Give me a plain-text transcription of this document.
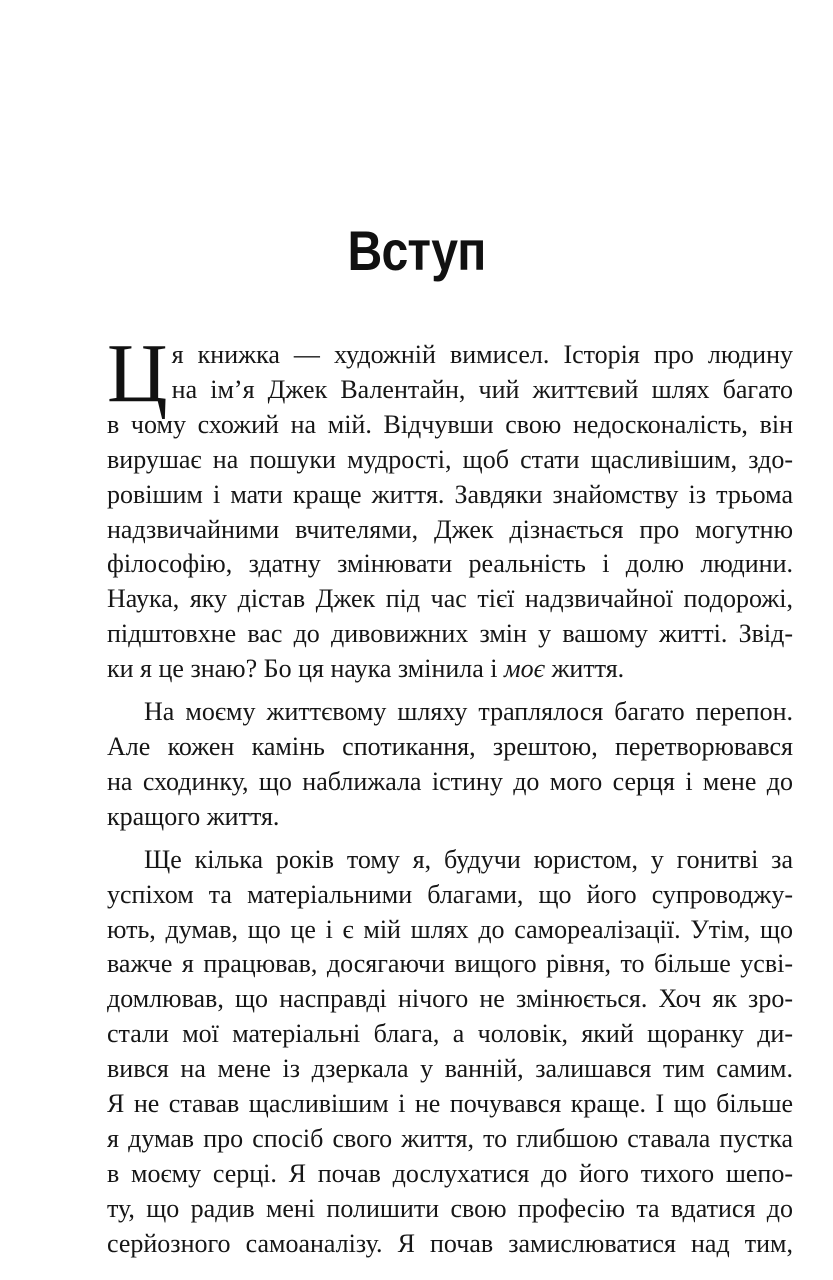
Вступ
Ц я книжка — художній вимисел. Історія про людину
на ім’я Джек Валентайн, чий життєвий шлях багато
в чому схожий на мій. Відчувши свою недосконалість, він
вирушає на пошуки мудрості, щоб стати щасливішим, здо-
ровішим і мати краще життя. Завдяки знайомству із трьома
надзвичайними вчителями, Джек дізнається про могутню
філософію, здатну змінювати реальність і долю людини.
Наука, яку дістав Джек під час тієї надзвичайної подорожі,
підштовхне вас до дивовижних змін у вашому житті. Звід-
ки я це знаю? Бо ця наука змінила і моє життя.
На моєму життєвому шляху траплялося багато перепон.
Але кожен камінь спотикання, зрештою, перетворювався
на сходинку, що наближала істину до мого серця і мене до
кращого життя.
Ще кілька років тому я, будучи юристом, у гонитві за
успіхом та матеріальними благами, що його супроводжу-
ють, думав, що це і є мій шлях до самореалізації. Утім, що
важче я працював, досягаючи вищого рівня, то більше усві-
домлював, що насправді нічого не змінюється. Хоч як зро-
стали мої матеріальні блага, а чоловік, який щоранку ди-
вився на мене із дзеркала у ванній, залишався тим самим.
Я не ставав щасливішим і не почувався краще. І що більше
я думав про спосіб свого життя, то глибшою ставала пустка
в моєму серці. Я почав дослухатися до його тихого шепо-
ту, що радив мені полишити свою професію та вдатися до
серйозного самоаналізу. Я почав замислюватися над тим,
